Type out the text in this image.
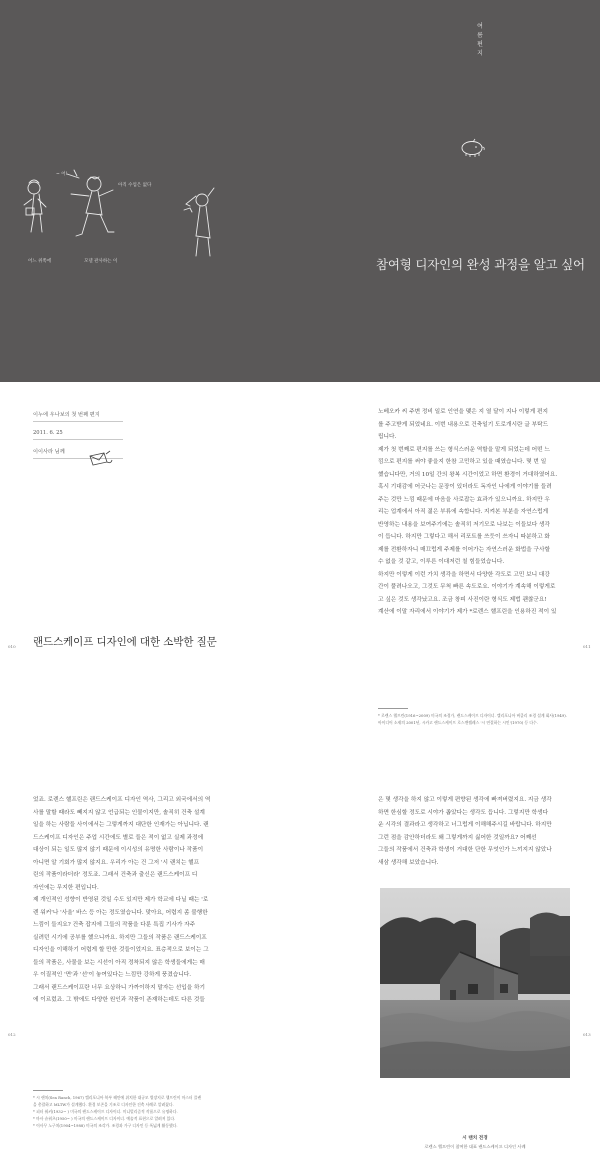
여
름
편
지
~ 어!
아직 수업은 없다
어느 위쪽에	모델 관사하는 이	참여형 디자인의 완성 과정을 알고 싶어
이누에 우나보의 첫 번째 편지
2011. 6. 25
이이사라 님께
랜드스케이프 디자인에 대한 소박한 질문
010	011
노베오카 씨 주변 정비 일로 인연을 맺은 지 열 달이 지나 이렇게 편지
를 주고받게 되었네요. 이번 내용으로 건축일기 도로개시란 글 부탁드
립니다.
제가 첫 번째로 편지를 쓰는 형식스러운 역할을 맡게 되었는데 어떤 느
낌으로 편지를 써야 좋을지 한참 고민하고 있을 때였습니다. 몇 번 일
했습니다만, 거의 10일 간의 왕복 시간이었고 하면 환경이 거대하였어요.
혹시 기대감에 어긋나는 문장이 있더라도 독자인 나에게 이야기를 들려
주는 것만 느낌 때문에 마음을 사로잡는 효과가 있으니까요. 하지만 우
리는 업계에서 아직 젊은 부류에 속합니다. 지켜본 부분을 자연스럽게
반영하는 내용을 보여주기에는 솔직히 저기모로 나보는 이들보다 생각
이 듭니다. 하지만 그렇다고 해서 리포트를 쓰듯이 쓰자니 따분하고 화
제를 전환하자니 매끄럽게 주제를 이어가는 자연스러운 화법을 구사할
수 없을 것 같고, 이루른 이대저런 칠 힘들었습니다.
하지만 이렇게 이런 가치 생각을 하면서 다양한 각도로 고민 보니 대강
간이 풀려나오고, 그것도 무척 빠른 속도로요. 이야기가 계속해 이렇게로
고 싶은 것도 생각났고요. 조금 창피 사진이란 형식도 제법 괜찮군요!
계산에 이말 자리에서 이야기가 제가 *로렌스 핼프린을 인용하진 적이 있
* 로렌스 핼프린(1916~2009) 미국의 조경가, 랜드스케이프 디자이너. 캘리포니아 버클리 조경 설계 회사(1949). 아이디어 소제의 2001년, 시카고 랜드스케이프 로스앤젤레스 '시 연결하는 시인'(1970) 등 다수.
었죠. 로렌스 핼프린은 랜드스케이프 디자인 역사, 그리고 외국에서의 역
사를 말할 때라도 빼지지 않고 언급되는 인물이지만, 솔직히 건축 설계
일을 하는 사람들 사이에서는 그렇게까지 대단한 인재가는 아닙니다. 랜
드스케이프 디자인은 주업 시간에도 별로 들은 적이 없고 실제 과정에
대상이 되는 일도 많지 않기 때문에 이시성의 유명한 사람이나 작품이
아니면 알 기회가 많지 않지요. 우리가 아는 건 그저 '시 랜치는 핼프
린의 작품이라더라' 정도죠. 그래서 건축과 출신은 랜드스케이프 디
자인에는 무지한 편입니다.
제 개인적인 성향이 반영된 것일 수도 있지만 제가 학교에 다닐 때는 '로
렌 워커'나 '사울' 바스 등 아는 정도였습니다. 맞아요, 어렵지 좀 불행한
느낌이 들지요? 건축 잡지에 그들의 작품을 다룬 특집 기사가 자주
실려던 시기에 공부를 했으니까요. 하지만 그들의 작품은 랜드스케이프
디자인을 이해하기 어렵게 할 만한 것들이었지요. 표층적으로 보이는 그
들의 작품은, 사물을 보는 시선이 아직 정착되지 않은 학생들에게는 매
우 이질적인 '면'과 '선'이 놓여있다는 느낌만 강하게 풍겼습니다.
그래서 랜드스케이프란 너무 요상하니 가까이하지 말자는 선입을 하기
에 이르렀죠. 그 밖에도 다양한 원인과 작품이 존재하는데도 다른 것들
012	013
* 시 랜치(Sea Ranch, 1967) 캘리포니아 북부 해안에 위치한 대규모 별장지로 핼프린이 마스터 플랜
을 총괄하고 MLTW가 설계했다. 환경 보존을 기조로 디자인한 건축 사례로 알려졌다.
* 피터 워커(1932~ ) 미국의 랜드스케이프 디자이너. 미니멀리즘적 작품으로 유명하다.
* 마사 슈워츠(1950~ ) 미국의 랜드스케이프 디자이너. 예술적 표현으로 알려져 있다.
* 이사무 노구치(1904~1988) 미국의 조각가. 조경과 가구 디자인 등 폭넓게 활동했다.
은 몇 생각을 하지 않고 이렇게 편향된 생각에 빠져버렸지요. 지금 생각
하면 한심할 정도로 시야가 좁았다는 생각도 듭니다. 그렇지만 학생다
운 시각의 결과라고 생각하고 너그럽게 이해해주시길 바랍니다. 하지만
그런 점을 감안하더라도 왜 그렇게까지 싫어한 것일까요? 어째선
그들의 작품에서 건축과 학생이 거대한 단한 무엇인가 느끼지지 않았나
새삼 생각해 보았습니다.
시 랜치 전경
로렌스 핼프린이 참여한 대표 랜드스케이프 디자인 사례
